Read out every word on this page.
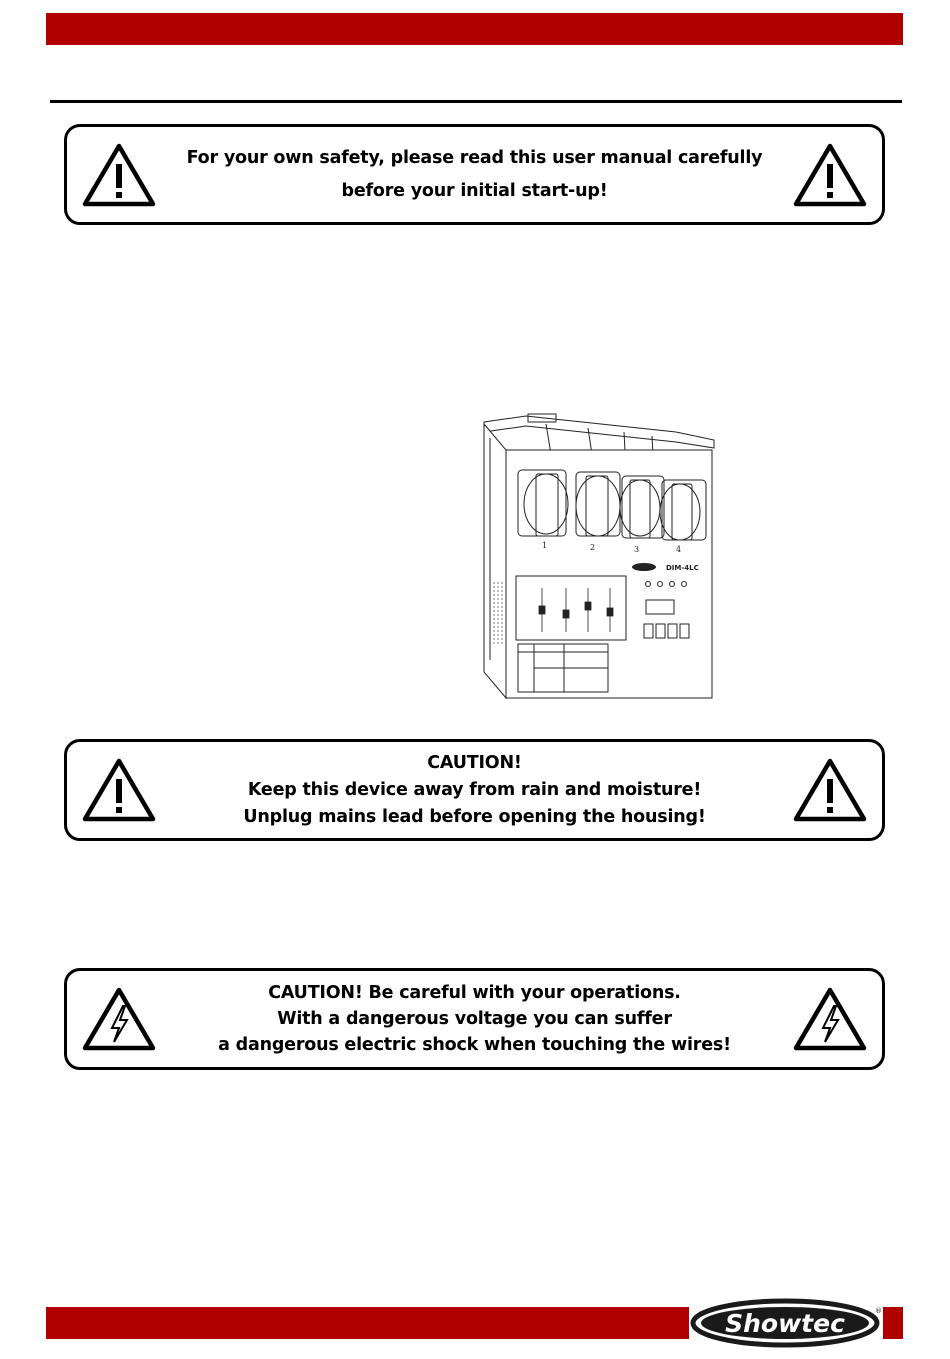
For your own safety, please read this user manual carefully

before your initial start-up!

1	2	3	4
DIM-4LC

CAUTION!

Keep this device away from rain and moisture!

Unplug mains lead before opening the housing!

CAUTION! Be careful with your operations.

With a dangerous voltage you can suffer

a dangerous electric shock when touching the wires!

Showtec	®
